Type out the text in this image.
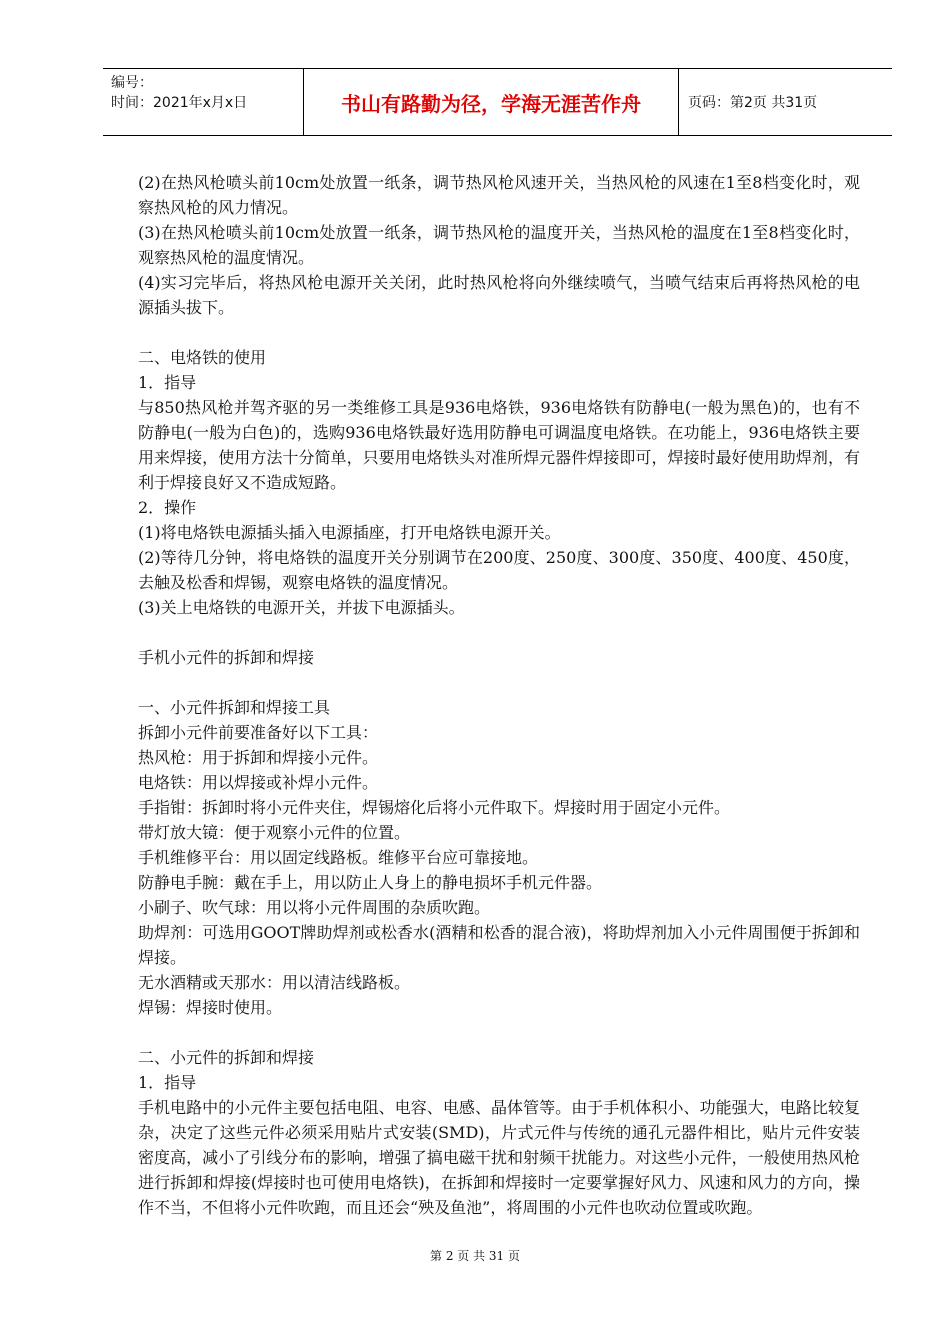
编号：
时间：2021年x月x日	书山有路勤为径，学海无涯苦作舟	页码：第2页 共31页

(2)在热风枪喷头前10cm处放置一纸条，调节热风枪风速开关，当热风枪的风速在1至8档变化时，观察热风枪的风力情况。

(3)在热风枪喷头前10cm处放置一纸条，调节热风枪的温度开关，当热风枪的温度在1至8档变化时，观察热风枪的温度情况。

(4)实习完毕后，将热风枪电源开关关闭，此时热风枪将向外继续喷气，当喷气结束后再将热风枪的电源插头拔下。

二、电烙铁的使用

1．指导

与850热风枪并驾齐驱的另一类维修工具是936电烙铁，936电烙铁有防静电(一般为黑色)的，也有不防静电(一般为白色)的，选购936电烙铁最好选用防静电可调温度电烙铁。在功能上，936电烙铁主要用来焊接，使用方法十分简单，只要用电烙铁头对准所焊元器件焊接即可，焊接时最好使用助焊剂，有利于焊接良好又不造成短路。

2．操作

(1)将电烙铁电源插头插入电源插座，打开电烙铁电源开关。

(2)等待几分钟，将电烙铁的温度开关分别调节在200度、250度、300度、350度、400度、450度，去触及松香和焊锡，观察电烙铁的温度情况。

(3)关上电烙铁的电源开关，并拔下电源插头。

手机小元件的拆卸和焊接

一、小元件拆卸和焊接工具

拆卸小元件前要准备好以下工具：

热风枪：用于拆卸和焊接小元件。

电烙铁：用以焊接或补焊小元件。

手指钳：拆卸时将小元件夹住，焊锡熔化后将小元件取下。焊接时用于固定小元件。

带灯放大镜：便于观察小元件的位置。

手机维修平台：用以固定线路板。维修平台应可靠接地。

防静电手腕：戴在手上，用以防止人身上的静电损坏手机元件器。

小刷子、吹气球：用以将小元件周围的杂质吹跑。

助焊剂：可选用GOOT牌助焊剂或松香水(酒精和松香的混合液)，将助焊剂加入小元件周围便于拆卸和焊接。

无水酒精或天那水：用以清洁线路板。

焊锡：焊接时使用。

二、小元件的拆卸和焊接

1．指导

手机电路中的小元件主要包括电阻、电容、电感、晶体管等。由于手机体积小、功能强大，电路比较复杂，决定了这些元件必须采用贴片式安装(SMD)，片式元件与传统的通孔元器件相比，贴片元件安装密度高，减小了引线分布的影响，增强了搞电磁干扰和射频干扰能力。对这些小元件，一般使用热风枪进行拆卸和焊接(焊接时也可使用电烙铁)，在拆卸和焊接时一定要掌握好风力、风速和风力的方向，操作不当，不但将小元件吹跑，而且还会“殃及鱼池”，将周围的小元件也吹动位置或吹跑。

第 2 页 共 31 页
